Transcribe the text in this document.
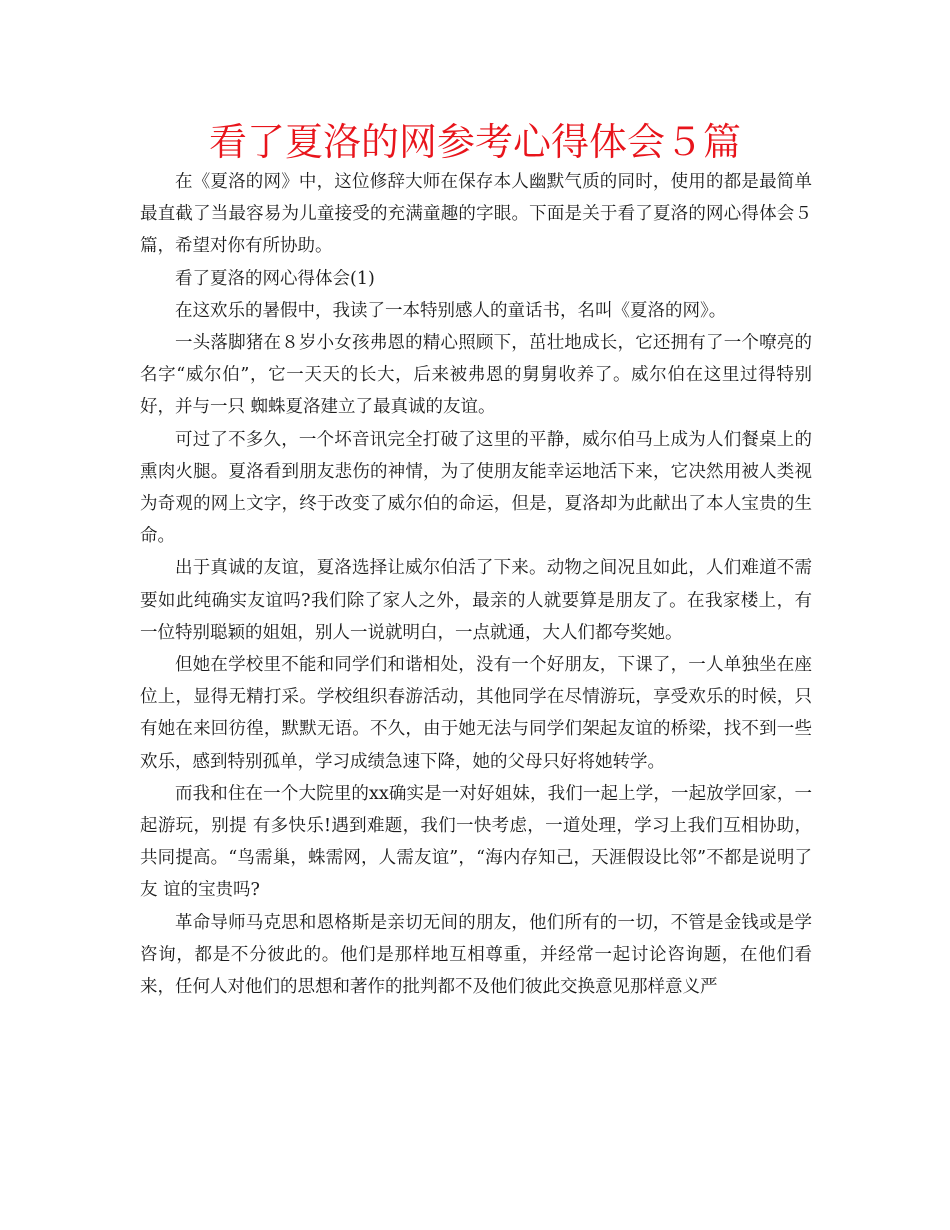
看了夏洛的网参考心得体会５篇

在《夏洛的网》中，这位修辞大师在保存本人幽默气质的同时，使用的都是最简单最直截了当最容易为儿童接受的充满童趣的字眼。下面是关于看了夏洛的网心得体会５篇，希望对你有所协助。

看了夏洛的网心得体会(1)

在这欢乐的暑假中，我读了一本特别感人的童话书，名叫《夏洛的网》。

一头落脚猪在８岁小女孩弗恩的精心照顾下，茁壮地成长，它还拥有了一个嘹亮的名字“威尔伯”，它一天天的长大，后来被弗恩的舅舅收养了。威尔伯在这里过得特别好，并与一只 蜘蛛夏洛建立了最真诚的友谊。

可过了不多久，一个坏音讯完全打破了这里的平静，威尔伯马上成为人们餐桌上的熏肉火腿。夏洛看到朋友悲伤的神情，为了使朋友能幸运地活下来，它决然用被人类视为奇观的网上文字，终于改变了威尔伯的命运，但是，夏洛却为此献出了本人宝贵的生命。

出于真诚的友谊，夏洛选择让威尔伯活了下来。动物之间况且如此，人们难道不需要如此纯确实友谊吗?我们除了家人之外，最亲的人就要算是朋友了。在我家楼上，有一位特别聪颖的姐姐，别人一说就明白，一点就通，大人们都夸奖她。

但她在学校里不能和同学们和谐相处，没有一个好朋友，下课了，一人单独坐在座位上，显得无精打采。学校组织春游活动，其他同学在尽情游玩，享受欢乐的时候，只有她在来回彷徨，默默无语。不久，由于她无法与同学们架起友谊的桥梁，找不到一些欢乐，感到特别孤单，学习成绩急速下降，她的父母只好将她转学。

而我和住在一个大院里的xx确实是一对好姐妹，我们一起上学，一起放学回家，一起游玩，别提 有多快乐!遇到难题，我们一快考虑，一道处理，学习上我们互相协助，共同提高。“鸟需巢，蛛需网，人需友谊”，“海内存知己，天涯假设比邻”不都是说明了友 谊的宝贵吗?

革命导师马克思和恩格斯是亲切无间的朋友，他们所有的一切，不管是金钱或是学咨询，都是不分彼此的。他们是那样地互相尊重，并经常一起讨论咨询题，在他们看来，任何人对他们的思想和著作的批判都不及他们彼此交换意见那样意义严
